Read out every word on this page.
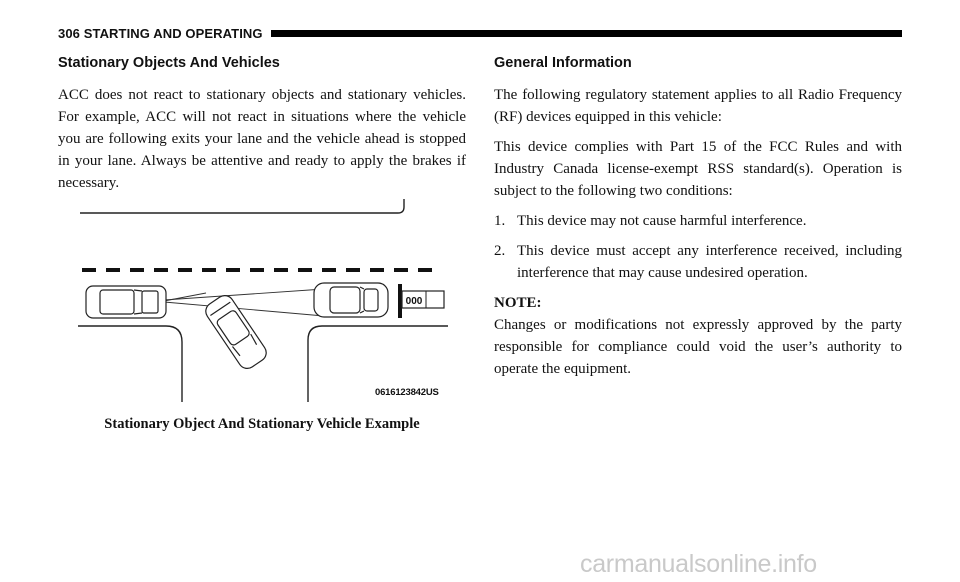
306 STARTING AND OPERATING
Stationary Objects And Vehicles

ACC does not react to stationary objects and stationary vehicles. For example, ACC will not react in situations where the vehicle you are following exits your lane and the vehicle ahead is stopped in your lane. Always be attentive and ready to apply the brakes if necessary.

000
0616123842US
Stationary Object And Stationary Vehicle Example
General Information

The following regulatory statement applies to all Radio Frequency (RF) devices equipped in this vehicle:

This device complies with Part 15 of the FCC Rules and with Industry Canada license-exempt RSS standard(s). Operation is subject to the following two conditions:

1. This device may not cause harmful interference.
2. This device must accept any interference received, including interference that may cause undesired operation.
NOTE:

Changes or modifications not expressly approved by the party responsible for compliance could void the user’s authority to operate the equipment.

carmanualsonline.info
